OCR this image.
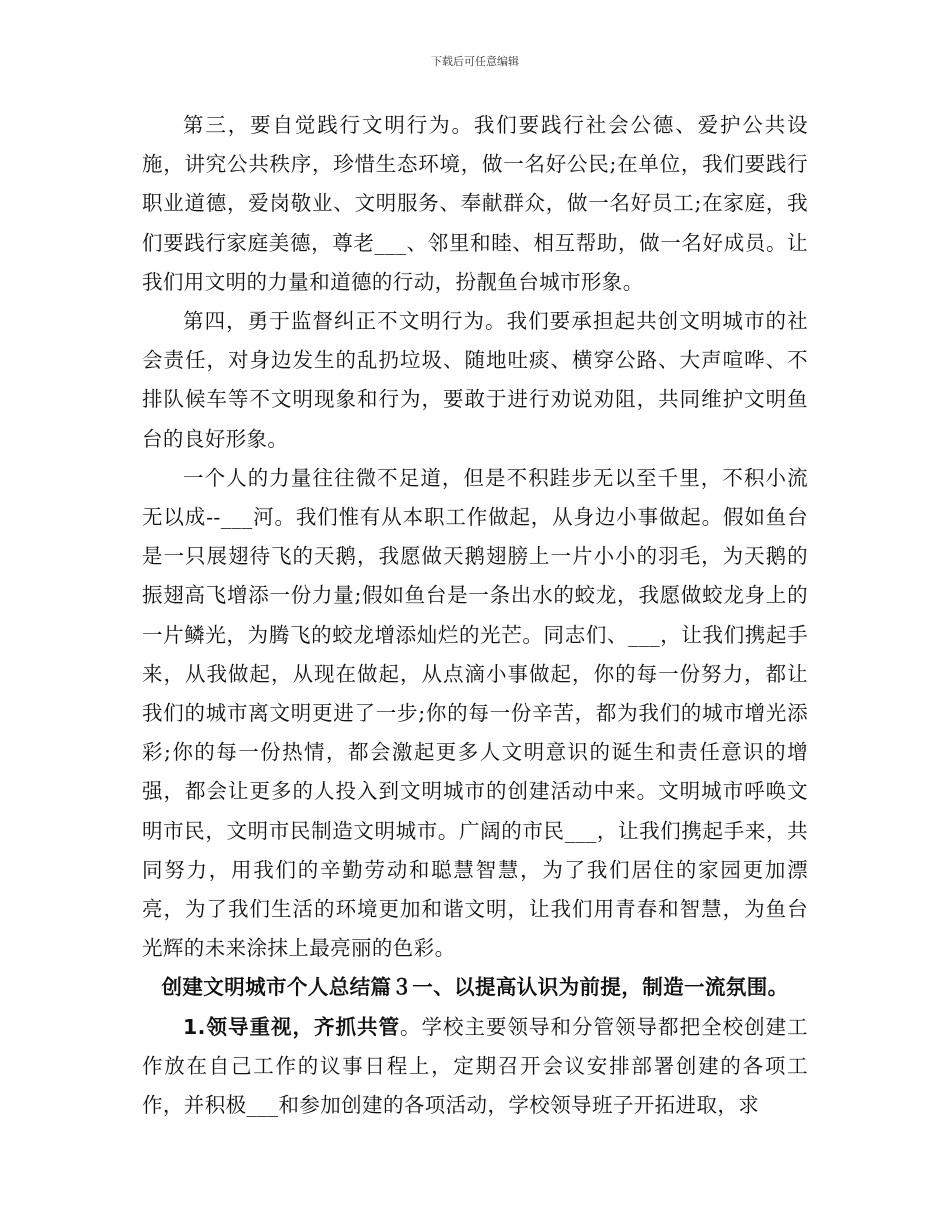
下载后可任意编辑

第三，要自觉践行文明行为。我们要践行社会公德、爱护公共设施，讲究公共秩序，珍惜生态环境，做一名好公民;在单位，我们要践行职业道德，爱岗敬业、文明服务、奉献群众，做一名好员工;在家庭，我们要践行家庭美德，尊老___、邻里和睦、相互帮助，做一名好成员。让我们用文明的力量和道德的行动，扮靓鱼台城市形象。

第四，勇于监督纠正不文明行为。我们要承担起共创文明城市的社会责任，对身边发生的乱扔垃圾、随地吐痰、横穿公路、大声喧哗、不排队候车等不文明现象和行为，要敢于进行劝说劝阻，共同维护文明鱼台的良好形象。

一个人的力量往往微不足道，但是不积跬步无以至千里，不积小流无以成--___河。我们惟有从本职工作做起，从身边小事做起。假如鱼台是一只展翅待飞的天鹅，我愿做天鹅翅膀上一片小小的羽毛，为天鹅的振翅高飞增添一份力量;假如鱼台是一条出水的蛟龙，我愿做蛟龙身上的一片鳞光，为腾飞的蛟龙增添灿烂的光芒。同志们、___，让我们携起手来，从我做起，从现在做起，从点滴小事做起，你的每一份努力，都让我们的城市离文明更进了一步;你的每一份辛苦，都为我们的城市增光添彩;你的每一份热情，都会激起更多人文明意识的诞生和责任意识的增强，都会让更多的人投入到文明城市的创建活动中来。文明城市呼唤文明市民，文明市民制造文明城市。广阔的市民___，让我们携起手来，共同努力，用我们的辛勤劳动和聪慧智慧，为了我们居住的家园更加漂亮，为了我们生活的环境更加和谐文明，让我们用青春和智慧，为鱼台光辉的未来涂抹上最亮丽的色彩。

创建文明城市个人总结篇３一、以提高认识为前提，制造一流氛围。

1.领导重视，齐抓共管。学校主要领导和分管领导都把全校创建工作放在自己工作的议事日程上，定期召开会议安排部署创建的各项工作，并积极___和参加创建的各项活动，学校领导班子开拓进取，求
